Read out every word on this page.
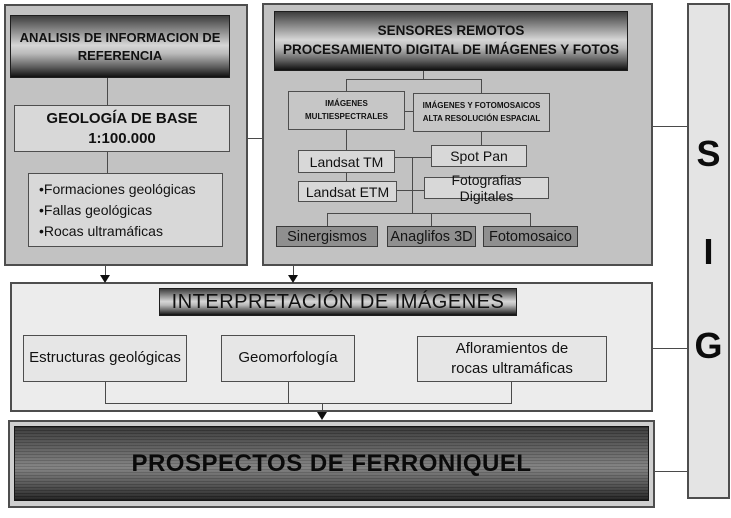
ANALISIS DE INFORMACION DE REFERENCIA
GEOLOGÍA DE BASE
1:100.000
•Formaciones geológicas
•Fallas geológicas
•Rocas ultramáficas
SENSORES REMOTOS
PROCESAMIENTO DIGITAL DE IMÁGENES Y FOTOS
IMÁGENES MULTIESPECTRALES
IMÁGENES Y FOTOMOSAICOS ALTA RESOLUCIÓN ESPACIAL
Landsat TM	Spot Pan
Landsat ETM
Fotografias Digitales
Sinergismos Anaglifos 3D Fotomosaico
INTERPRETACIÓN DE IMÁGENES
Estructuras geológicas	Geomorfología
Afloramientos de rocas ultramáficas
PROSPECTOS DE FERRONIQUEL
S
I
G
